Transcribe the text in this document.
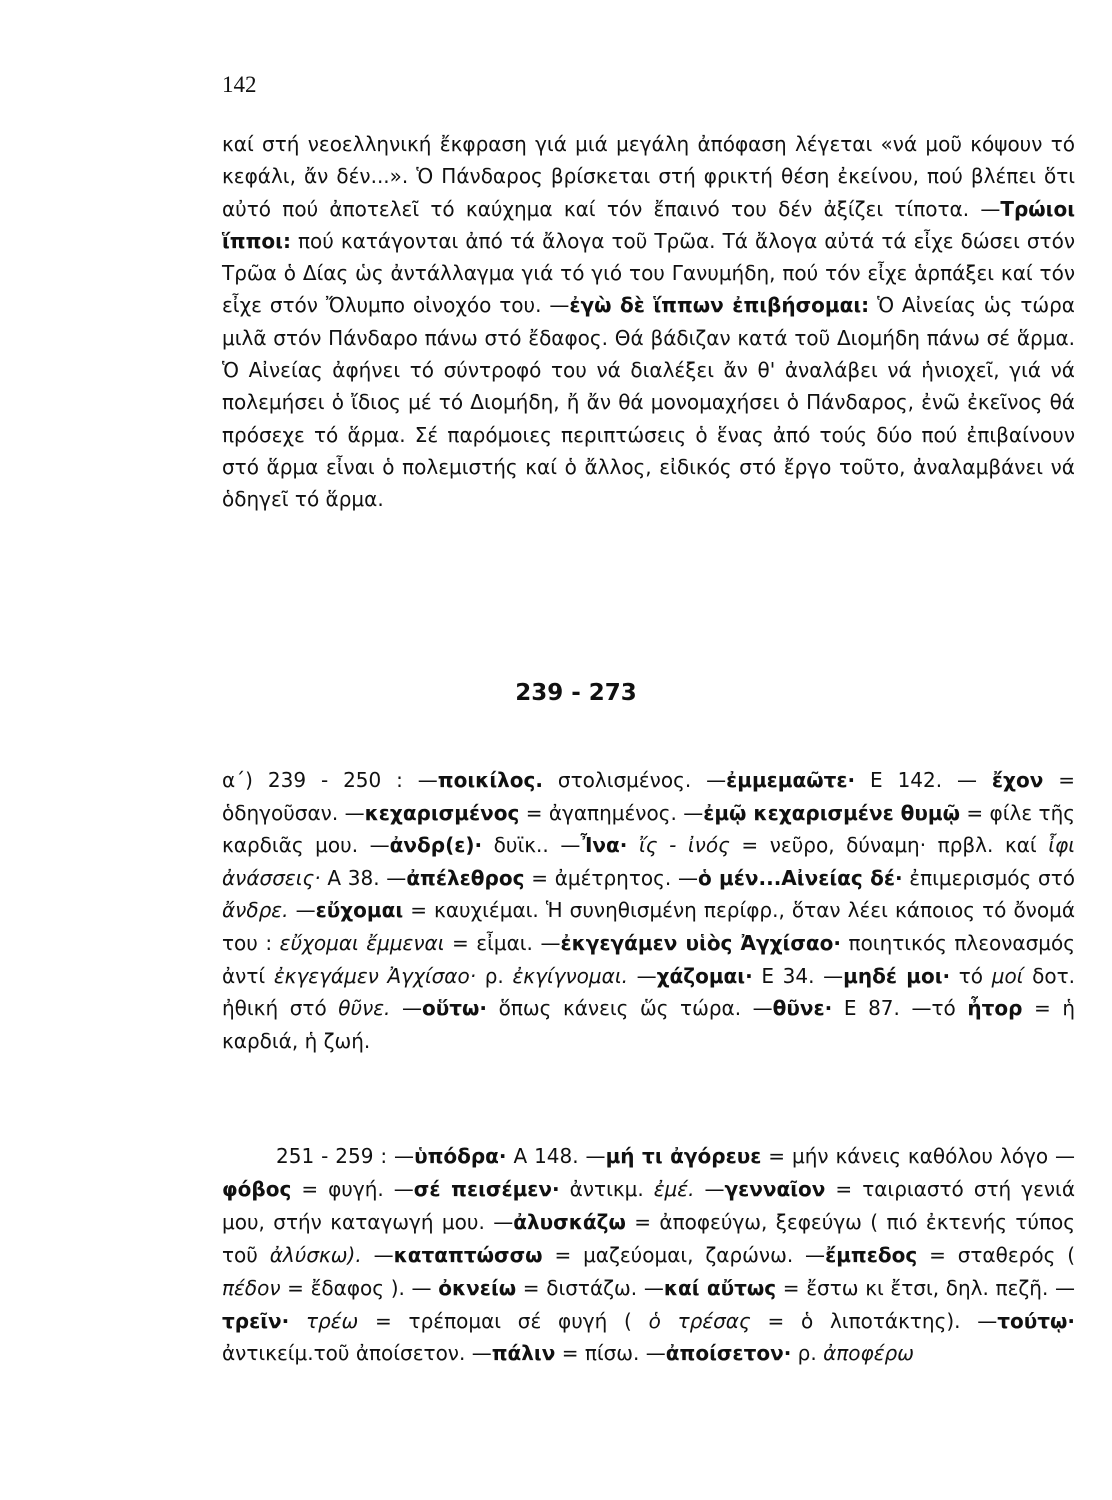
142

καί στή νεοελληνική ἔκφραση γιά μιά μεγάλη ἀπόφαση λέγεται «νά μοῦ κόψουν τό κεφάλι, ἄν δέν...». Ὁ Πάνδαρος βρίσκεται στή φρικτή θέση ἐκείνου, πού βλέπει ὅτι αὐτό πού ἀποτελεῖ τό καύχημα καί τόν ἔπαινό του δέν ἀξίζει τίποτα. —Τρώιοι ἵπποι: πού κατάγονται ἀπό τά ἄλογα τοῦ Τρῶα. Τά ἄλογα αὐτά τά εἶχε δώσει στόν Τρῶα ὁ Δίας ὡς ἀντάλλαγμα γιά τό γιό του Γανυμήδη, πού τόν εἶχε ἁρπάξει καί τόν εἶχε στόν Ὄλυμπο οἰνοχόο του. —ἐγὼ δὲ ἵππων ἐπιβήσομαι: Ὁ Αἰνείας ὡς τώρα μιλᾶ στόν Πάνδαρο πάνω στό ἔδαφος. Θά βάδιζαν κατά τοῦ Διομήδη πάνω σέ ἅρμα. Ὁ Αἰνείας ἀφήνει τό σύντροφό του νά διαλέξει ἄν θ' ἀναλάβει νά ἡνιοχεῖ, γιά νά πολεμήσει ὁ ἴδιος μέ τό Διομήδη, ἤ ἄν θά μονομαχήσει ὁ Πάνδαρος, ἐνῶ ἐκεῖνος θά πρόσεχε τό ἅρμα. Σέ παρόμοιες περιπτώσεις ὁ ἕνας ἀπό τούς δύο πού ἐπιβαίνουν στό ἅρμα εἶναι ὁ πολεμιστής καί ὁ ἄλλος, εἰδικός στό ἔργο τοῦτο, ἀναλαμβάνει νά ὁδηγεῖ τό ἅρμα.

239 - 273

α΄) 239 - 250 : —ποικίλος. στολισμένος. —ἐμμεμαῶτε· Ε 142. — ἔχον = ὁδηγοῦσαν. —κεχαρισμένος = ἀγαπημένος. —ἐμῷ κεχαρισμένε θυμῷ = φίλε τῆς καρδιᾶς μου. —ἀνδρ(ε)· δυϊκ.. —Ἶνα· ἴς - ἰνός = νεῦρο, δύναμη· πρβλ. καί ἶφι ἀνάσσεις· Α 38. —ἀπέλεθρος = ἀμέτρητος. —ὁ μέν...Αἰνείας δέ· ἐπιμερισμός στό ἄνδρε. —εὔχομαι = καυχιέμαι. Ἡ συνηθισμένη περίφρ., ὅταν λέει κάποιος τό ὄνομά του : εὔχομαι ἔμμεναι = εἶμαι. —ἐκγεγάμεν υἱὸς Ἀγχίσαο· ποιητικός πλεονασμός ἀντί ἐκγεγάμεν Ἀγχίσαο· ρ. ἐκγίγνομαι. —χάζομαι· Ε 34. —μηδέ μοι· τό μοί δοτ. ἠθική στό θῦνε. —οὕτω· ὅπως κάνεις ὥς τώρα. —θῦνε· Ε 87. —τό ἦτορ = ἡ καρδιά, ἡ ζωή.

251 - 259 : —ὑπόδρα· Α 148. —μή τι ἀγόρευε = μήν κάνεις καθόλου λόγο —φόβος = φυγή. —σέ πεισέμεν· ἀντικμ. ἐμέ. —γενναῖον = ταιριαστό στή γενιά μου, στήν καταγωγή μου. —ἀλυσκάζω = ἀποφεύγω, ξεφεύγω ( πιό ἐκτενής τύπος τοῦ ἀλύσκω). —καταπτώσσω = μαζεύομαι, ζαρώνω. —ἔμπεδος = σταθερός ( πέδον = ἔδαφος ). — ὀκνείω = διστάζω. —καί αὔτως = ἔστω κι ἔτσι, δηλ. πεζῆ. —τρεῖν· τρέω = τρέπομαι σέ φυγή ( ὁ τρέσας = ὁ λιποτάκτης). —τούτῳ· ἀντικείμ.τοῦ ἀποίσετον. —πάλιν = πίσω. —ἀποίσετον· ρ. ἀποφέρω
